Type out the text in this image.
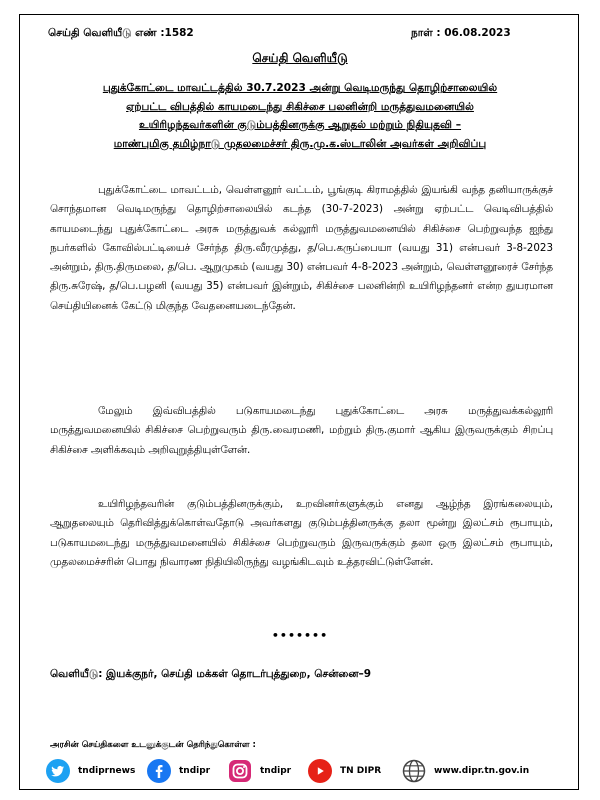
செய்தி வெளியீடு எண் :1582	நாள் : 06.08.2023
செய்தி வெளியீடு
புதுக்கோட்டை மாவட்டத்தில் 30.7.2023 அன்று வெடிமருந்து தொழிற்சாலையில்
ஏற்பட்ட விபத்தில் காயமடைந்து சிகிச்சை பலனின்றி மருத்துவமனையில்
உயிரிழந்தவர்களின் குடும்பத்தினருக்கு ஆறுதல் மற்றும் நிதியுதவி –
மாண்புமிகு தமிழ்நாடு முதலமைச்சர் திரு.மு.க.ஸ்டாலின் அவர்கள் அறிவிப்பு

புதுக்கோட்டை மாவட்டம், வெள்ளனூர் வட்டம், பூங்குடி கிராமத்தில் இயங்கி வந்த தனியாருக்குச் சொந்தமான வெடிமருந்து தொழிற்சாலையில் கடந்த (30-7-2023) அன்று ஏற்பட்ட வெடிவிபத்தில் காயமடைந்து புதுக்கோட்டை அரசு மருத்துவக் கல்லூரி மருத்துவமனையில் சிகிச்சை பெற்றுவந்த ஐந்து நபர்களில் கோவில்பட்டியைச் சேர்ந்த திரு.வீரமுத்து, த/பெ.கருப்பையா (வயது 31) என்பவர் 3-8-2023 அன்றும், திரு.திருமலை, த/பெ. ஆறுமுகம் (வயது 30) என்பவர் 4-8-2023 அன்றும், வெள்ளனூரைச் சேர்ந்த திரு.சுரேஷ், த/பெ.பழனி (வயது 35) என்பவர் இன்றும், சிகிச்சை பலனின்றி உயிரிழந்தனர் என்ற துயரமான செய்தியினைக் கேட்டு மிகுந்த வேதனையடைந்தேன்.

மேலும் இவ்விபத்தில் படுகாயமடைந்து புதுக்கோட்டை அரசு மருத்துவக்கல்லூரி மருத்துவமனையில் சிகிச்சை பெற்றுவரும் திரு.வைரமணி, மற்றும் திரு.குமார் ஆகிய இருவருக்கும் சிறப்பு சிகிச்சை அளிக்கவும் அறிவுறுத்தியுள்ளேன்.

உயிரிழந்தவரின் குடும்பத்தினருக்கும், உறவினர்களுக்கும் எனது ஆழ்ந்த இரங்கலையும், ஆறுதலையும் தெரிவித்துக்கொள்வதோடு அவர்களது குடும்பத்தினருக்கு தலா மூன்று இலட்சம் ரூபாயும், படுகாயமடைந்து மருத்துவமனையில் சிகிச்சை பெற்றுவரும் இருவருக்கும் தலா ஒரு இலட்சம் ரூபாயும், முதலமைச்சரின் பொது நிவாரண நிதியிலிருந்து வழங்கிடவும் உத்தரவிட்டுள்ளேன்.

•••••••
வெளியீடு: இயக்குநர், செய்தி மக்கள் தொடர்புத்துறை, சென்னை–9
அரசின் செய்திகளை உடனுக்குடன் தெரிந்துகொள்ள :
tndiprnews	tndipr	tndipr	TN DIPR	www.dipr.tn.gov.in
